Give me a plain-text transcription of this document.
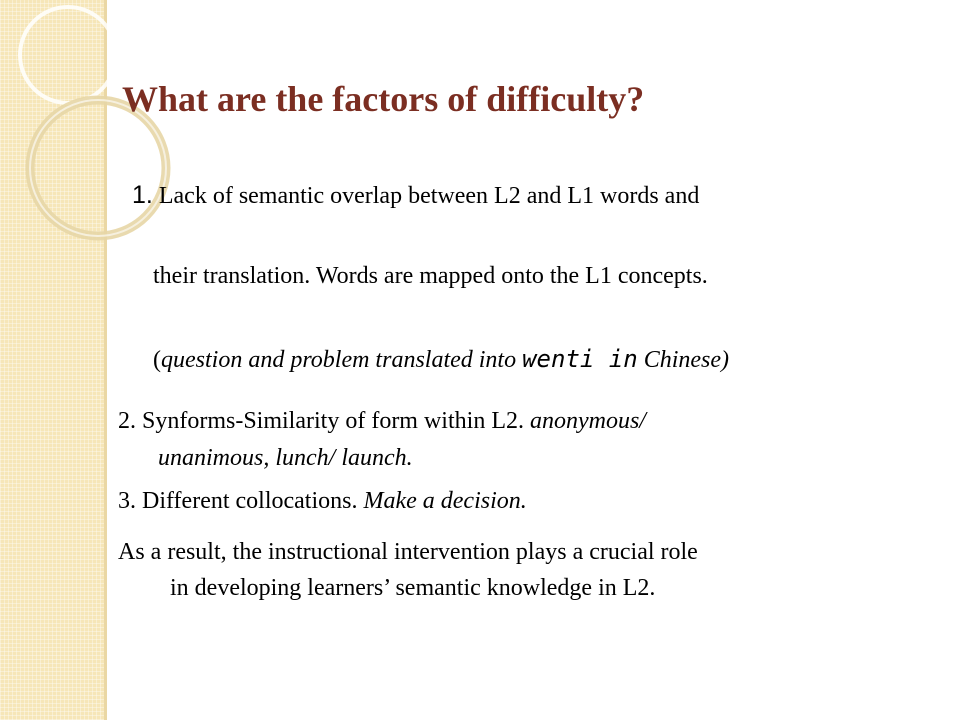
What are the factors of difficulty?
1. Lack of semantic overlap between L2 and L1 words and
their translation. Words are mapped onto the L1 concepts.
(question and problem translated into wenti in Chinese)
2. Synforms-Similarity of form within L2. anonymous/
unanimous, lunch/ launch.
3. Different collocations. Make a decision.
As a result, the instructional intervention plays a crucial role
in developing learners’ semantic knowledge in L2.
